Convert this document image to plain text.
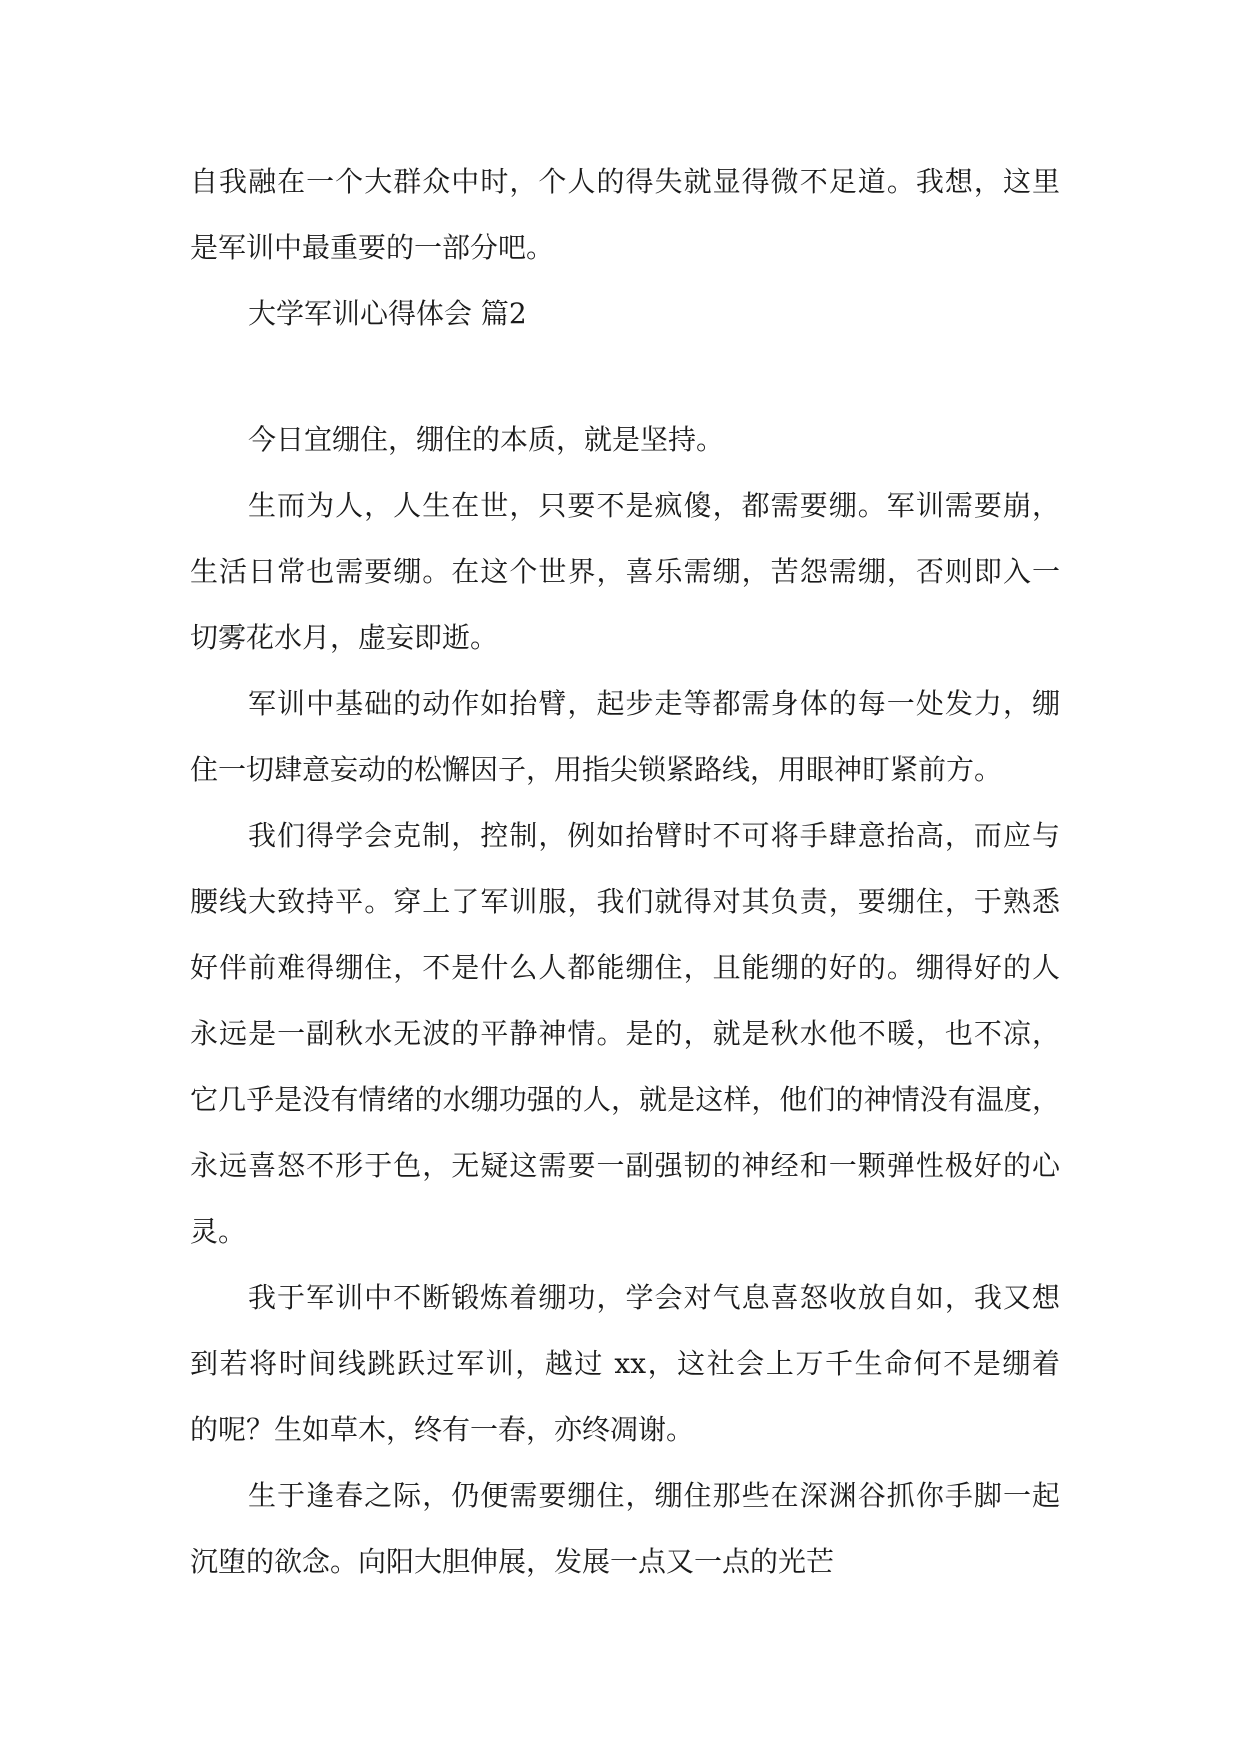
自我融在一个大群众中时，个人的得失就显得微不足道。我想，这里
是军训中最重要的一部分吧。
大学军训心得体会 篇2
今日宜绷住，绷住的本质，就是坚持。
生而为人，人生在世，只要不是疯傻，都需要绷。军训需要崩，
生活日常也需要绷。在这个世界，喜乐需绷，苦怨需绷，否则即入一
切雾花水月，虚妄即逝。
军训中基础的动作如抬臂，起步走等都需身体的每一处发力，绷
住一切肆意妄动的松懈因子，用指尖锁紧路线，用眼神盯紧前方。
我们得学会克制，控制，例如抬臂时不可将手肆意抬高，而应与
腰线大致持平。穿上了军训服，我们就得对其负责，要绷住，于熟悉
好伴前难得绷住，不是什么人都能绷住，且能绷的好的。绷得好的人
永远是一副秋水无波的平静神情。是的，就是秋水他不暖，也不凉，
它几乎是没有情绪的水绷功强的人，就是这样，他们的神情没有温度，
永远喜怒不形于色，无疑这需要一副强韧的神经和一颗弹性极好的心
灵。
我于军训中不断锻炼着绷功，学会对气息喜怒收放自如，我又想
到若将时间线跳跃过军训，越过 xx，这社会上万千生命何不是绷着
的呢？生如草木，终有一春，亦终凋谢。
生于逢春之际，仍便需要绷住，绷住那些在深渊谷抓你手脚一起
沉堕的欲念。向阳大胆伸展，发展一点又一点的光芒
